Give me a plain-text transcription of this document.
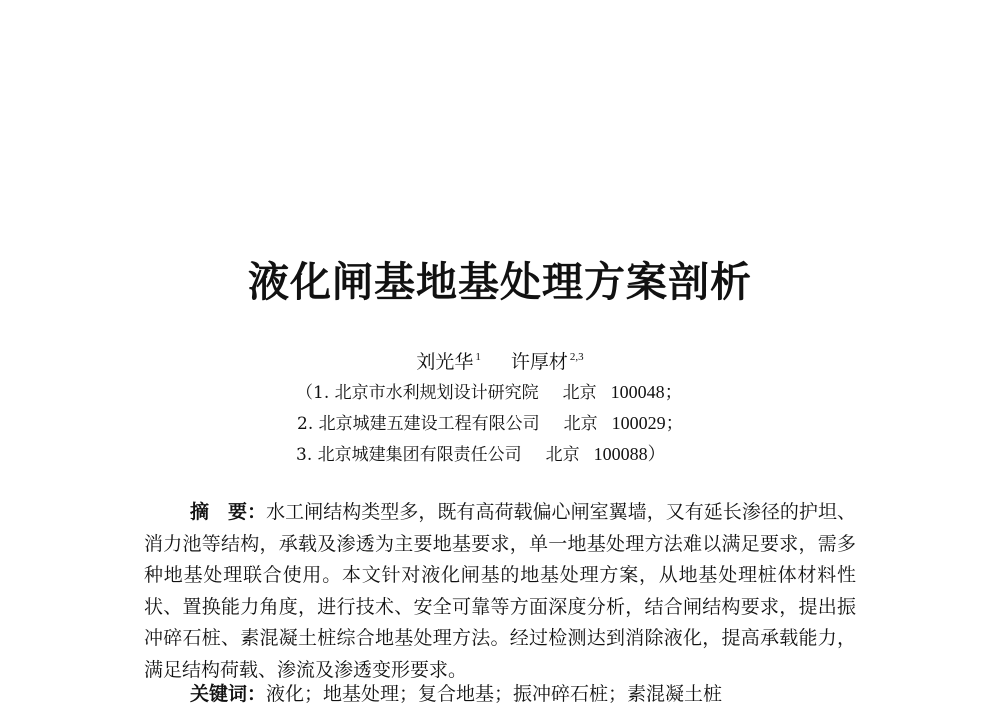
液化闸基地基处理方案剖析
刘光华 $^1$ 许厚材 $^{2,3}$
（1. 北京市水利规划设计研究院 北京 100048；
2. 北京城建五建设工程有限公司 北京 100029；
3. 北京城建集团有限责任公司 北京 100088）

摘　要：水工闸结构类型多，既有高荷载偏心闸室翼墙，又有延长渗径的护坦、消力池等结构，承载及渗透为主要地基要求，单一地基处理方法难以满足要求，需多种地基处理联合使用。本文针对液化闸基的地基处理方案，从地基处理桩体材料性状、置换能力角度，进行技术、安全可靠等方面深度分析，结合闸结构要求，提出振冲碎石桩、素混凝土桩综合地基处理方法。经过检测达到消除液化，提高承载能力，满足结构荷载、渗流及渗透变形要求。

关键词：液化；地基处理；复合地基；振冲碎石桩；素混凝土桩
